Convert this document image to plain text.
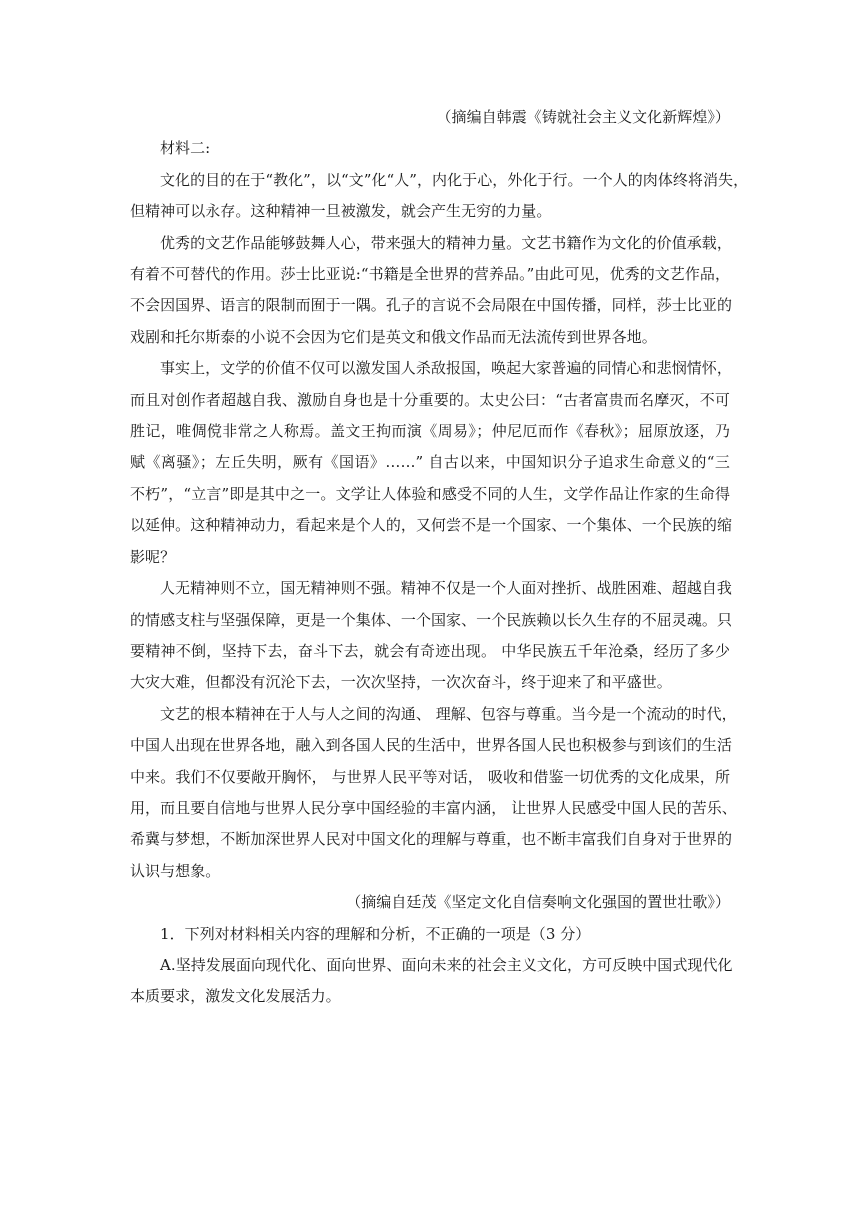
（摘编自韩震《铸就社会主义文化新辉煌》）
材料二:
文化的目的在于“教化”，以“文”化“人”，内化于心，外化于行。一个人的肉体终将消失，
但精神可以永存。这种精神一旦被激发，就会产生无穷的力量。
优秀的文艺作品能够鼓舞人心，带来强大的精神力量。文艺书籍作为文化的价值承载，
有着不可替代的作用。莎士比亚说:“书籍是全世界的营养品。”由此可见，优秀的文艺作品，
不会因国界、语言的限制而囿于一隅。孔子的言说不会局限在中国传播，同样，莎士比亚的
戏剧和托尔斯泰的小说不会因为它们是英文和俄文作品而无法流传到世界各地。
事实上，文学的价值不仅可以激发国人杀敌报国，唤起大家普遍的同情心和悲悯情怀，
而且对创作者超越自我、激励自身也是十分重要的。太史公曰：“古者富贵而名摩灭，不可
胜记，唯倜傥非常之人称焉。盖文王拘而演《周易》；仲尼厄而作《春秋》；屈原放逐，乃
赋《离骚》；左丘失明，厥有《国语》……” 自古以来，中国知识分子追求生命意义的“三
不朽”，“立言”即是其中之一。文学让人体验和感受不同的人生，文学作品让作家的生命得
以延伸。这种精神动力，看起来是个人的，又何尝不是一个国家、一个集体、一个民族的缩
影呢？
人无精神则不立，国无精神则不强。精神不仅是一个人面对挫折、战胜困难、超越自我
的情感支柱与坚强保障，更是一个集体、一个国家、一个民族赖以长久生存的不屈灵魂。只
要精神不倒，坚持下去，奋斗下去，就会有奇迹出现。 中华民族五千年沧桑，经历了多少
大灾大难，但都没有沉沦下去，一次次坚持，一次次奋斗，终于迎来了和平盛世。
文艺的根本精神在于人与人之间的沟通、 理解、包容与尊重。当今是一个流动的时代，
中国人出现在世界各地，融入到各国人民的生活中，世界各国人民也积极参与到该们的生活
中来。我们不仅要敞开胸怀， 与世界人民平等对话， 吸收和借鉴一切优秀的文化成果，所
用，而且要自信地与世界人民分享中国经验的丰富内涵， 让世界人民感受中国人民的苦乐、
希冀与梦想，不断加深世界人民对中国文化的理解与尊重，也不断丰富我们自身对于世界的
认识与想象。
（摘编自廷茂《坚定文化自信奏响文化强国的置世壮歌》）
1．下列对材料相关内容的理解和分析，不正确的一项是（3 分）
A.坚持发展面向现代化、面向世界、面向未来的社会主义文化，方可反映中国式现代化
本质要求，激发文化发展活力。
